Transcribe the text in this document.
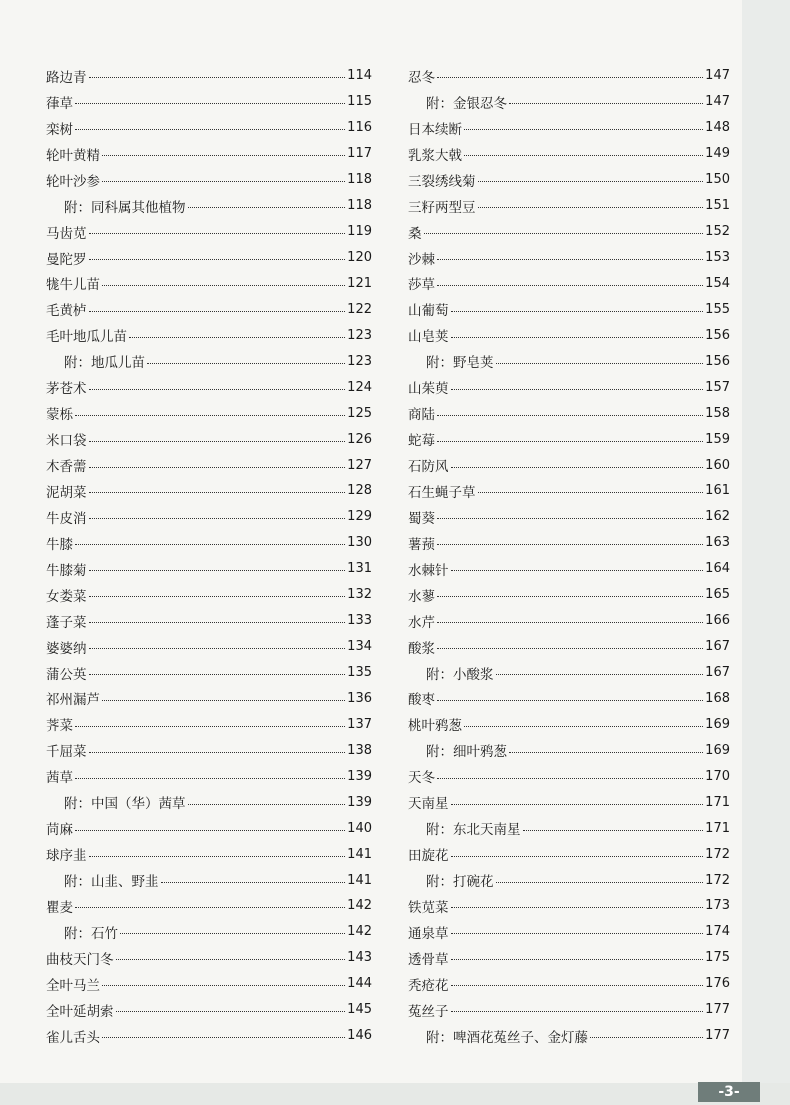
路边青	114
葎草	115
栾树	116
轮叶黄精	117
轮叶沙参	118
附：同科属其他植物	118
马齿苋	119
曼陀罗	120
牻牛儿苗	121
毛黄栌	122
毛叶地瓜儿苗	123
附：地瓜儿苗	123
茅苍术	124
蒙栎	125
米口袋	126
木香薷	127
泥胡菜	128
牛皮消	129
牛膝	130
牛膝菊	131
女娄菜	132
蓬子菜	133
婆婆纳	134
蒲公英	135
祁州漏芦	136
荠菜	137
千屈菜	138
茜草	139
附：中国（华）茜草	139
苘麻	140
球序韭	141
附：山韭、野韭	141
瞿麦	142
附：石竹	142
曲枝天门冬	143
全叶马兰	144
全叶延胡索	145
雀儿舌头	146
忍冬	147
附：金银忍冬	147
日本续断	148
乳浆大戟	149
三裂绣线菊	150
三籽两型豆	151
桑	152
沙棘	153
莎草	154
山葡萄	155
山皂荚	156
附：野皂荚	156
山茱萸	157
商陆	158
蛇莓	159
石防风	160
石生蝇子草	161
蜀葵	162
薯蓣	163
水棘针	164
水蓼	165
水芹	166
酸浆	167
附：小酸浆	167
酸枣	168
桃叶鸦葱	169
附：细叶鸦葱	169
天冬	170
天南星	171
附：东北天南星	171
田旋花	172
附：打碗花	172
铁苋菜	173
通泉草	174
透骨草	175
秃疮花	176
菟丝子	177
附：啤酒花菟丝子、金灯藤	177
-3-
